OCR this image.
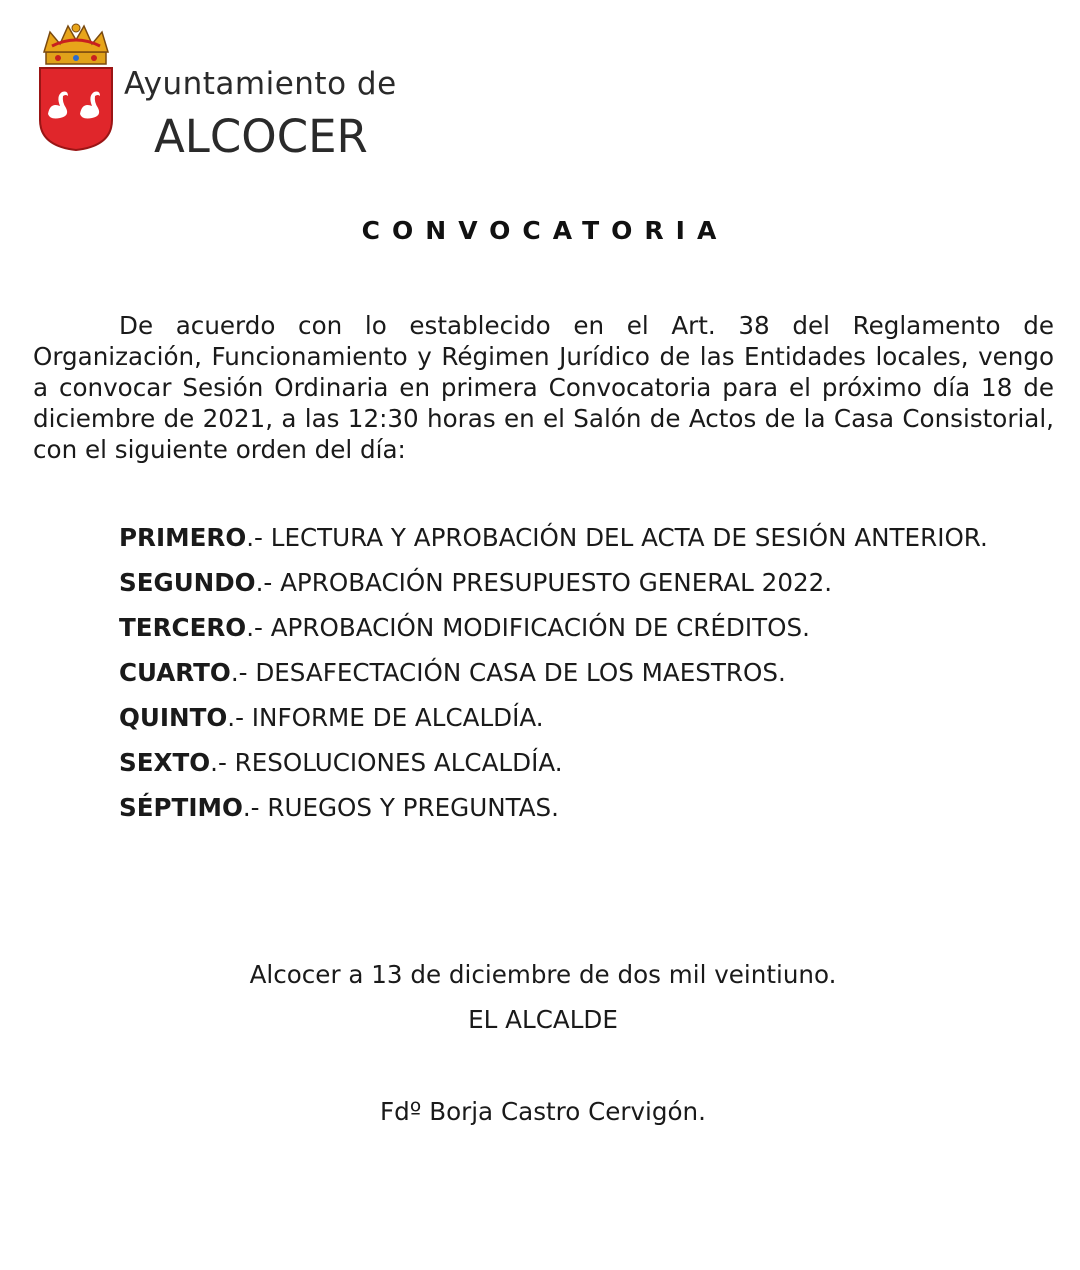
Ayuntamiento de
ALCOCER
CONVOCATORIA

De acuerdo con lo establecido en el Art. 38 del Reglamento de Organización, Funcionamiento y Régimen Jurídico de las Entidades locales, vengo a convocar Sesión Ordinaria en primera Convocatoria para el próximo día 18 de diciembre de 2021, a las 12:30 horas en el Salón de Actos de la Casa Consistorial, con el siguiente orden del día:

PRIMERO.- LECTURA Y APROBACIÓN DEL ACTA DE SESIÓN ANTERIOR.
SEGUNDO.- APROBACIÓN PRESUPUESTO GENERAL 2022.
TERCERO.- APROBACIÓN MODIFICACIÓN DE CRÉDITOS.
CUARTO.- DESAFECTACIÓN CASA DE LOS MAESTROS.
QUINTO.- INFORME DE ALCALDÍA.
SEXTO.- RESOLUCIONES ALCALDÍA.
SÉPTIMO.- RUEGOS Y PREGUNTAS.
Alcocer a 13 de diciembre de dos mil veintiuno.
EL ALCALDE
Fdº Borja Castro Cervigón.
